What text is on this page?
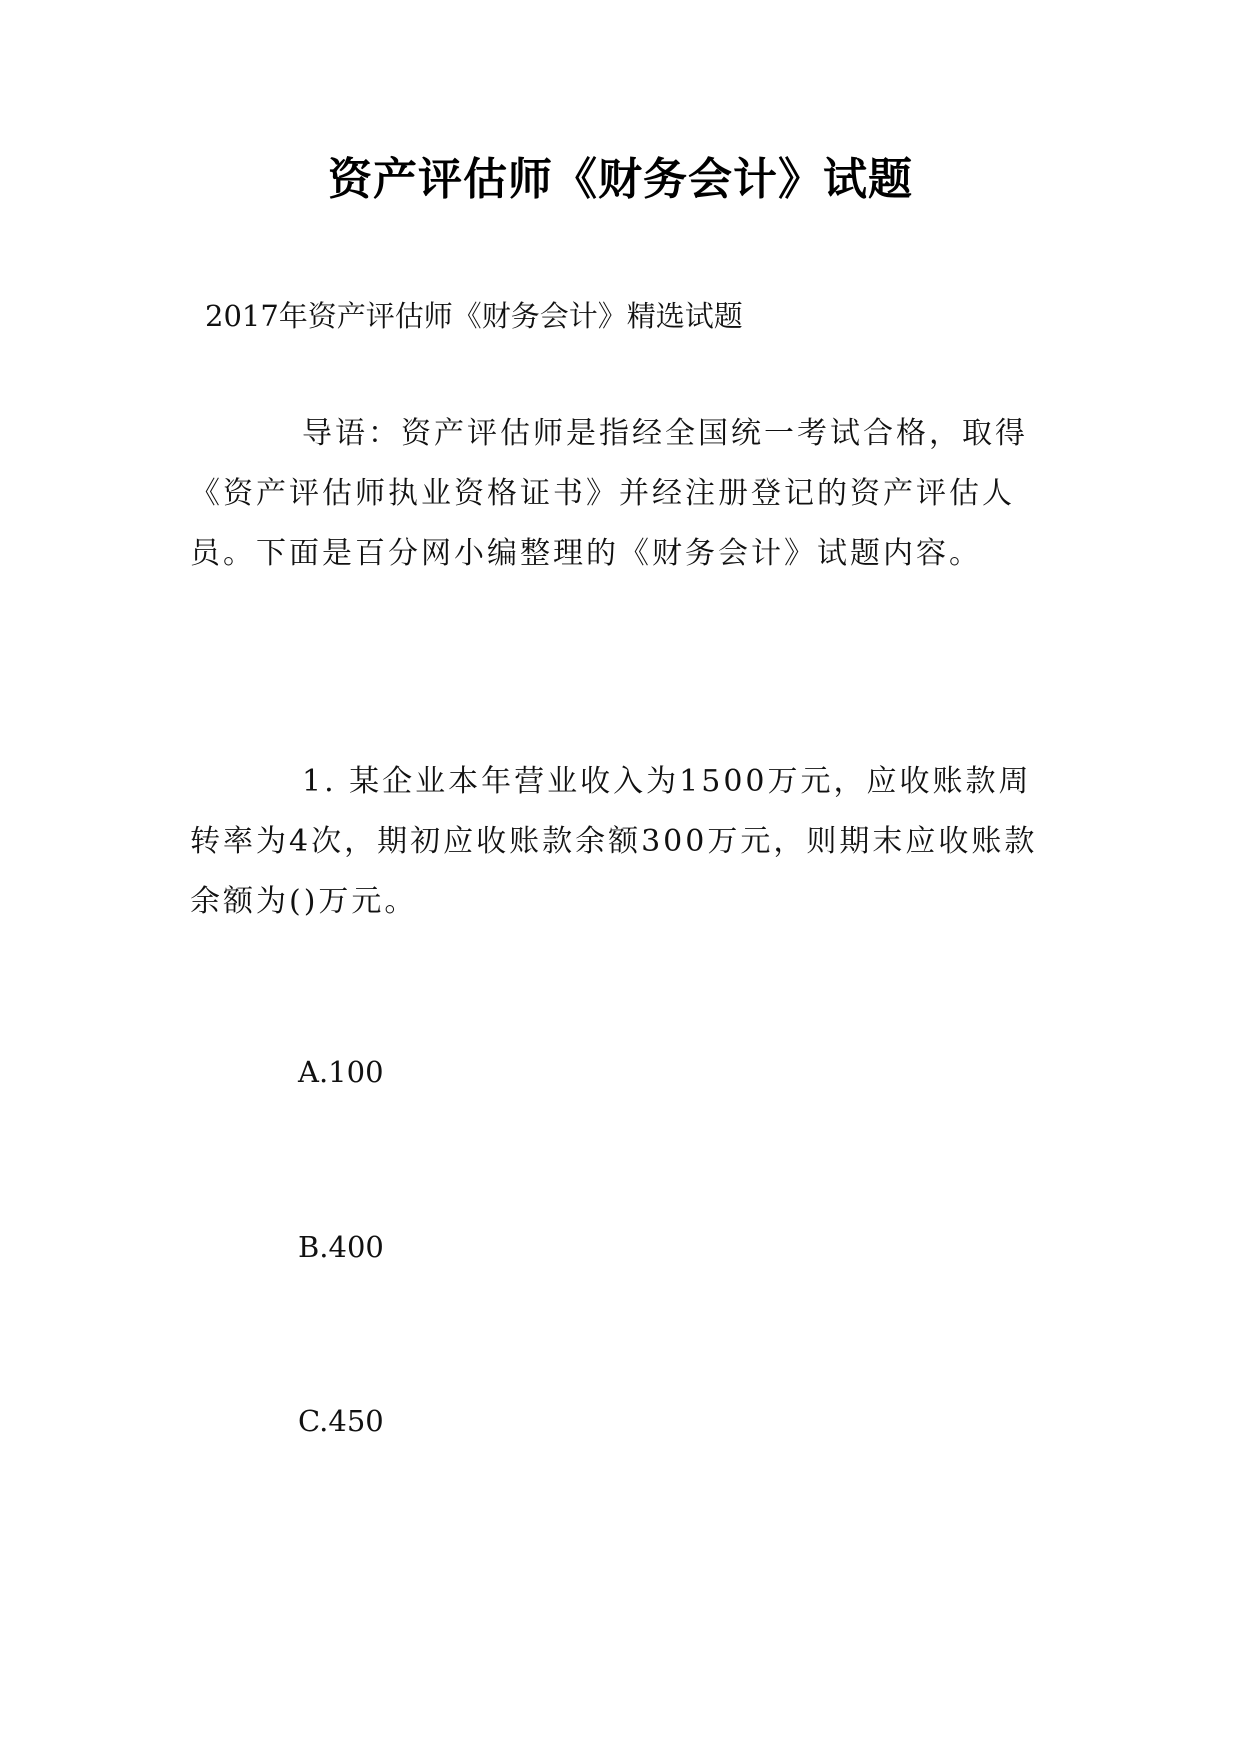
资产评估师《财务会计》试题
2017年资产评估师《财务会计》精选试题
导语：资产评估师是指经全国统一考试合格，取得《资产评估师执业资格证书》并经注册登记的资产评估人员。下面是百分网小编整理的《财务会计》试题内容。
1. 某企业本年营业收入为1500万元，应收账款周转率为4次，期初应收账款余额300万元，则期末应收账款余额为()万元。
A.100
B.400
C.450
